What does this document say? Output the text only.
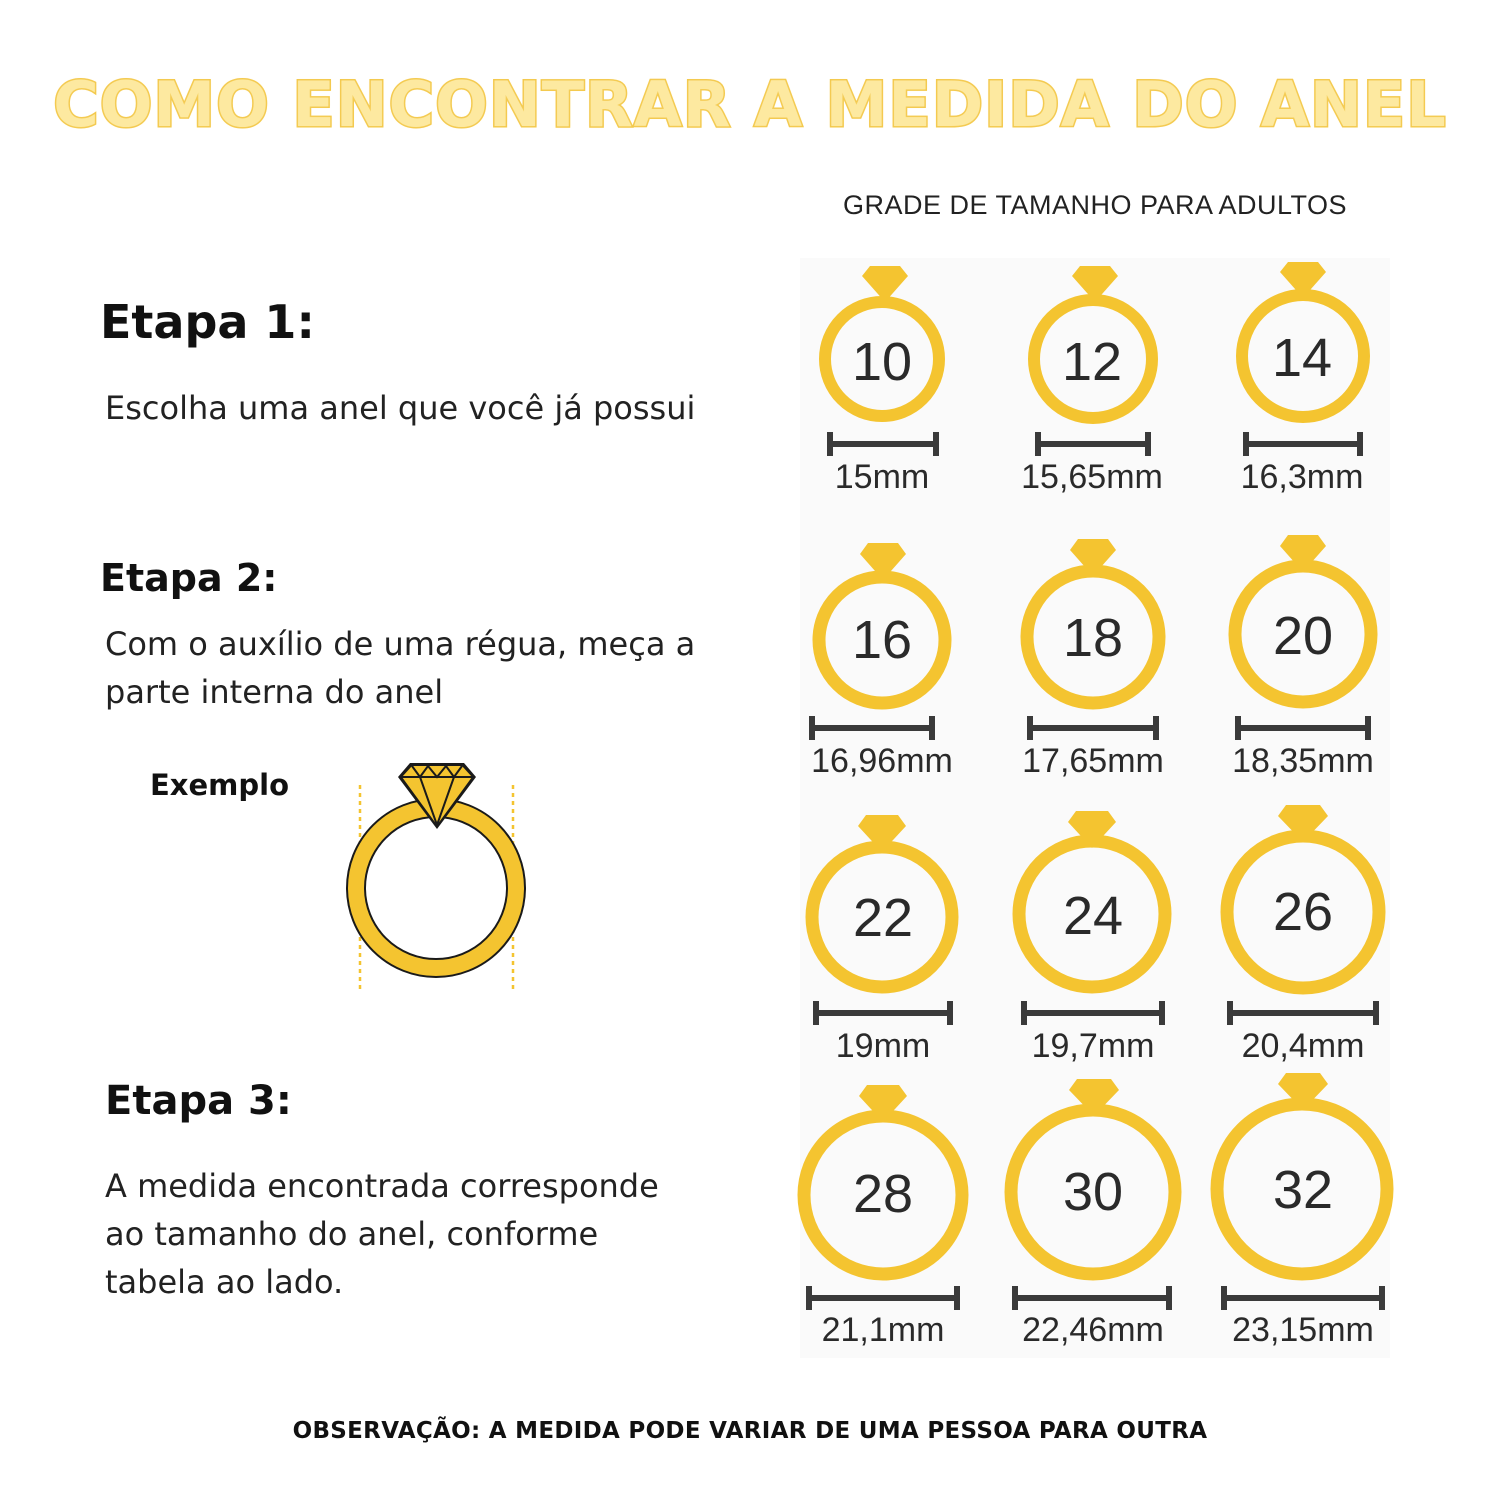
COMO ENCONTRAR A MEDIDA DO ANEL
GRADE DE TAMANHO PARA ADULTOS
Etapa 1:
Escolha uma anel que você já possui
Etapa 2:
Com o auxílio de uma régua, meça a
parte interna do anel
Exemplo
Etapa 3:
A medida encontrada corresponde
ao tamanho do anel, conforme
tabela ao lado.
10
15mm
12
15,65mm
14
16,3mm
16
16,96mm
18
17,65mm
20
18,35mm
22
19mm
24
19,7mm
26
20,4mm
28
21,1mm
30
22,46mm
32
23,15mm
OBSERVAÇÃO: A MEDIDA PODE VARIAR DE UMA PESSOA PARA OUTRA
